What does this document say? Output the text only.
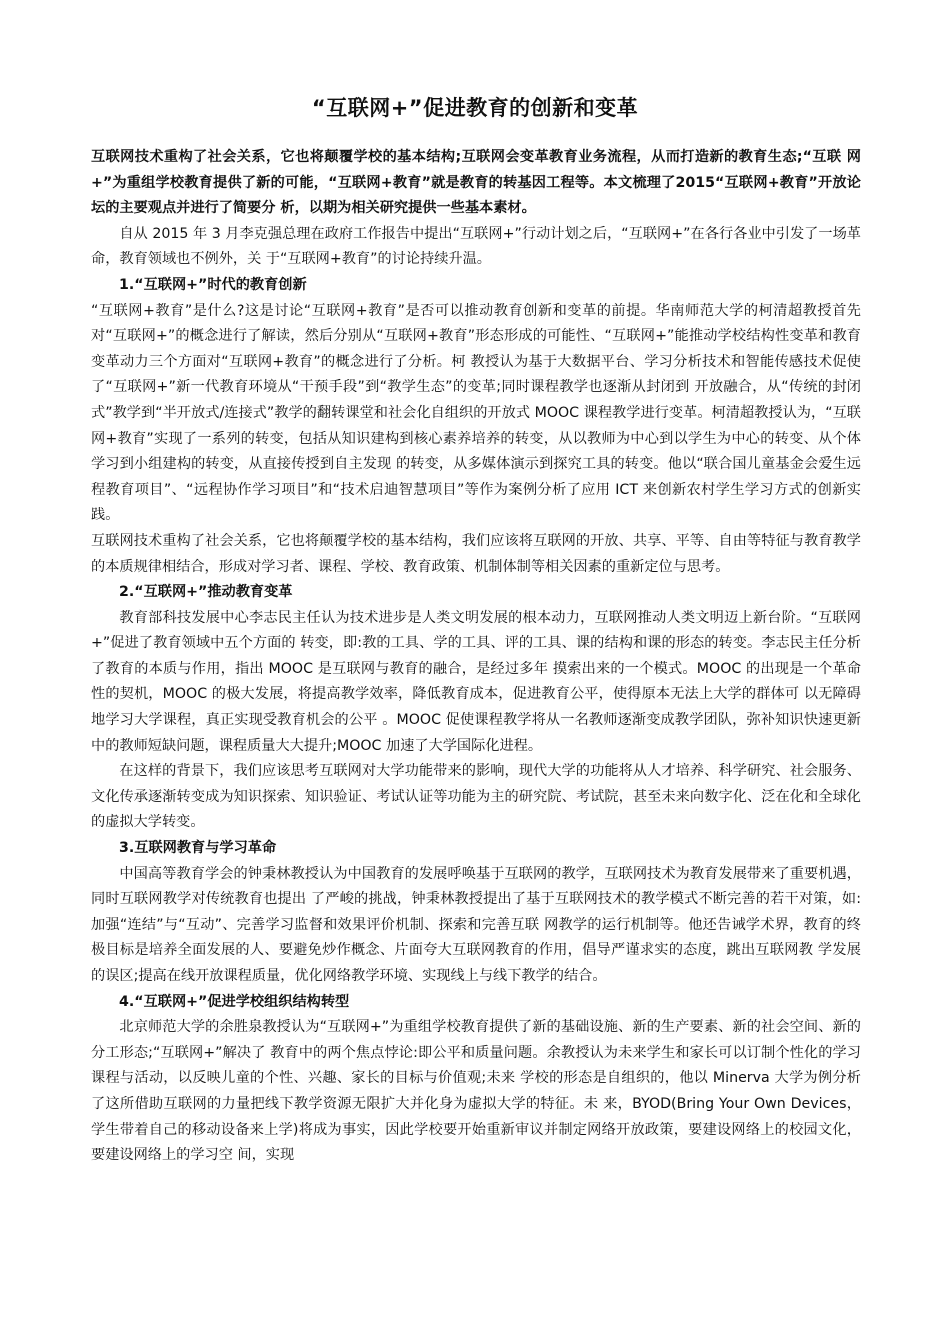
“互联网+”促进教育的创新和变革

互联网技术重构了社会关系，它也将颠覆学校的基本结构;互联网会变革教育业务流程，从而打造新的教育生态;“互联 网+”为重组学校教育提供了新的可能，“互联网+教育”就是教育的转基因工程等。本文梳理了2015“互联网+教育”开放论坛的主要观点并进行了简要分 析，以期为相关研究提供一些基本素材。

自从 2015 年 3 月李克强总理在政府工作报告中提出“互联网+”行动计划之后，“互联网+”在各行各业中引发了一场革命，教育领域也不例外，关 于“互联网+教育”的讨论持续升温。

1.“互联网+”时代的教育创新

“互联网+教育”是什么?这是讨论“互联网+教育”是否可以推动教育创新和变革的前提。华南师范大学的柯清超教授首先对“互联网+”的概念进行了解读，然后分别从“互联网+教育”形态形成的可能性、“互联网+”能推动学校结构性变革和教育变革动力三个方面对“互联网+教育”的概念进行了分析。柯 教授认为基于大数据平台、学习分析技术和智能传感技术促使了“互联网+”新一代教育环境从“干预手段”到“教学生态”的变革;同时课程教学也逐渐从封闭到 开放融合，从“传统的封闭式”教学到“半开放式/连接式”教学的翻转课堂和社会化自组织的开放式 MOOC 课程教学进行变革。柯清超教授认为，“互联网+教育”实现了一系列的转变，包括从知识建构到核心素养培养的转变，从以教师为中心到以学生为中心的转变、从个体学习到小组建构的转变，从直接传授到自主发现 的转变，从多媒体演示到探究工具的转变。他以“联合国儿童基金会爱生远程教育项目”、“远程协作学习项目”和“技术启迪智慧项目”等作为案例分析了应用 ICT 来创新农村学生学习方式的创新实践。

互联网技术重构了社会关系，它也将颠覆学校的基本结构，我们应该将互联网的开放、共享、平等、自由等特征与教育教学的本质规律相结合，形成对学习者、课程、学校、教育政策、机制体制等相关因素的重新定位与思考。

2.“互联网+”推动教育变革

教育部科技发展中心李志民主任认为技术进步是人类文明发展的根本动力，互联网推动人类文明迈上新台阶。“互联网+”促进了教育领域中五个方面的 转变，即:教的工具、学的工具、评的工具、课的结构和课的形态的转变。李志民主任分析了教育的本质与作用，指出 MOOC 是互联网与教育的融合，是经过多年 摸索出来的一个模式。MOOC 的出现是一个革命性的契机，MOOC 的极大发展，将提高教学效率，降低教育成本，促进教育公平，使得原本无法上大学的群体可 以无障碍地学习大学课程，真正实现受教育机会的公平 。MOOC 促使课程教学将从一名教师逐渐变成教学团队，弥补知识快速更新中的教师短缺问题，课程质量大大提升;MOOC 加速了大学国际化进程。

在这样的背景下，我们应该思考互联网对大学功能带来的影响，现代大学的功能将从人才培养、科学研究、社会服务、文化传承逐渐转变成为知识探索、知识验证、考试认证等功能为主的研究院、考试院，甚至未来向数字化、泛在化和全球化的虚拟大学转变。

3.互联网教育与学习革命

中国高等教育学会的钟秉林教授认为中国教育的发展呼唤基于互联网的教学，互联网技术为教育发展带来了重要机遇，同时互联网教学对传统教育也提出 了严峻的挑战，钟秉林教授提出了基于互联网技术的教学模式不断完善的若干对策，如:加强“连结”与“互动”、完善学习监督和效果评价机制、探索和完善互联 网教学的运行机制等。他还告诫学术界，教育的终极目标是培养全面发展的人、要避免炒作概念、片面夸大互联网教育的作用，倡导严谨求实的态度，跳出互联网教 学发展的误区;提高在线开放课程质量，优化网络教学环境、实现线上与线下教学的结合。

4.“互联网+”促进学校组织结构转型

北京师范大学的余胜泉教授认为“互联网+”为重组学校教育提供了新的基础设施、新的生产要素、新的社会空间、新的分工形态;“互联网+”解决了 教育中的两个焦点悖论:即公平和质量问题。余教授认为未来学生和家长可以订制个性化的学习课程与活动，以反映儿童的个性、兴趣、家长的目标与价值观;未来 学校的形态是自组织的，他以 Minerva 大学为例分析了这所借助互联网的力量把线下教学资源无限扩大并化身为虚拟大学的特征。未 来，BYOD(Bring Your Own Devices，学生带着自己的移动设备来上学)将成为事实，因此学校要开始重新审议并制定网络开放政策，要建设网络上的校园文化，要建设网络上的学习空 间，实现
